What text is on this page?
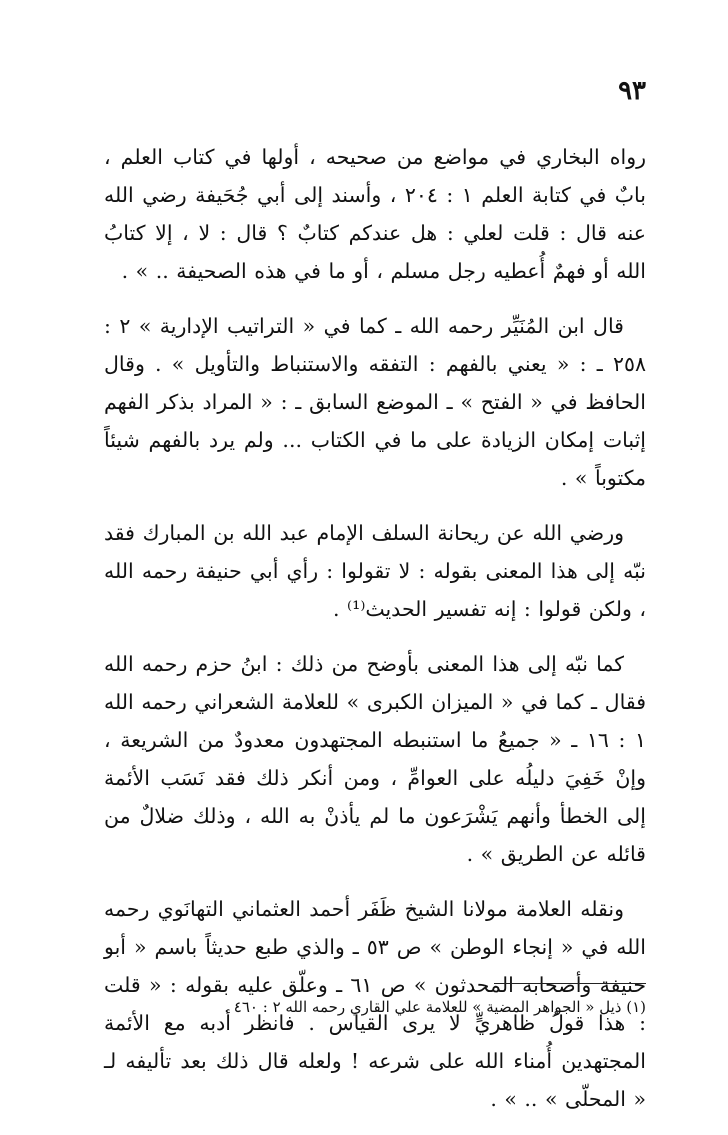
٩٣

رواه البخاري في مواضع من صحيحه ، أولها في كتاب العلم ، بابٌ في كتابة العلم ١ : ٢٠٤ ، وأسند إلى أبي جُحَيفة رضي الله عنه قال : قلت لعلي : هل عندكم كتابٌ ؟ قال : لا ، إلا كتابُ الله أو فهمٌ أُعطيه رجل مسلم ، أو ما في هذه الصحيفة .. » .

قال ابن المُنَيِّر رحمه الله ـ كما في « التراتيب الإدارية » ٢ : ٢٥٨ ـ : « يعني بالفهم : التفقه والاستنباط والتأويل » . وقال الحافظ في « الفتح » ـ الموضع السابق ـ : « المراد بذكر الفهم إثبات إمكان الزيادة على ما في الكتاب ... ولم يرد بالفهم شيئاً مكتوباً » .

ورضي الله عن ريحانة السلف الإمام عبد الله بن المبارك فقد نبّه إلى هذا المعنى بقوله : لا تقولوا : رأي أبي حنيفة رحمه الله ، ولكن قولوا : إنه تفسير الحديث⁽¹⁾ .

كما نبّه إلى هذا المعنى بأوضح من ذلك : ابنُ حزم رحمه الله فقال ـ كما في « الميزان الكبرى » للعلامة الشعراني رحمه الله ١ : ١٦ ـ « جميعُ ما استنبطه المجتهدون معدودٌ من الشريعة ، وإنْ خَفِيَ دليلُه على العوامِّ ، ومن أنكر ذلك فقد نَسَب الأئمة إلى الخطأ وأنهم يَشْرَعون ما لم يأذنْ به الله ، وذلك ضلالٌ من قائله عن الطريق » .

ونقله العلامة مولانا الشيخ ظَفَر أحمد العثماني التهانَوي رحمه الله في « إنجاء الوطن » ص ٥٣ ـ والذي طبع حديثاً باسم « أبو حنيفة وأصحابه المحدثون » ص ٦١ ـ وعلّق عليه بقوله : « قلت : هذا قولُ ظاهريٍّ لا يرى القياس . فانظر أدبه مع الأئمة المجتهدين أُمناء الله على شرعه ! ولعله قال ذلك بعد تأليفه لـ « المحلّى » .. » .

(١) ذيل « الجواهر المضية » للعلامة علي القاري رحمه الله ٢ : ٤٦٠ .
